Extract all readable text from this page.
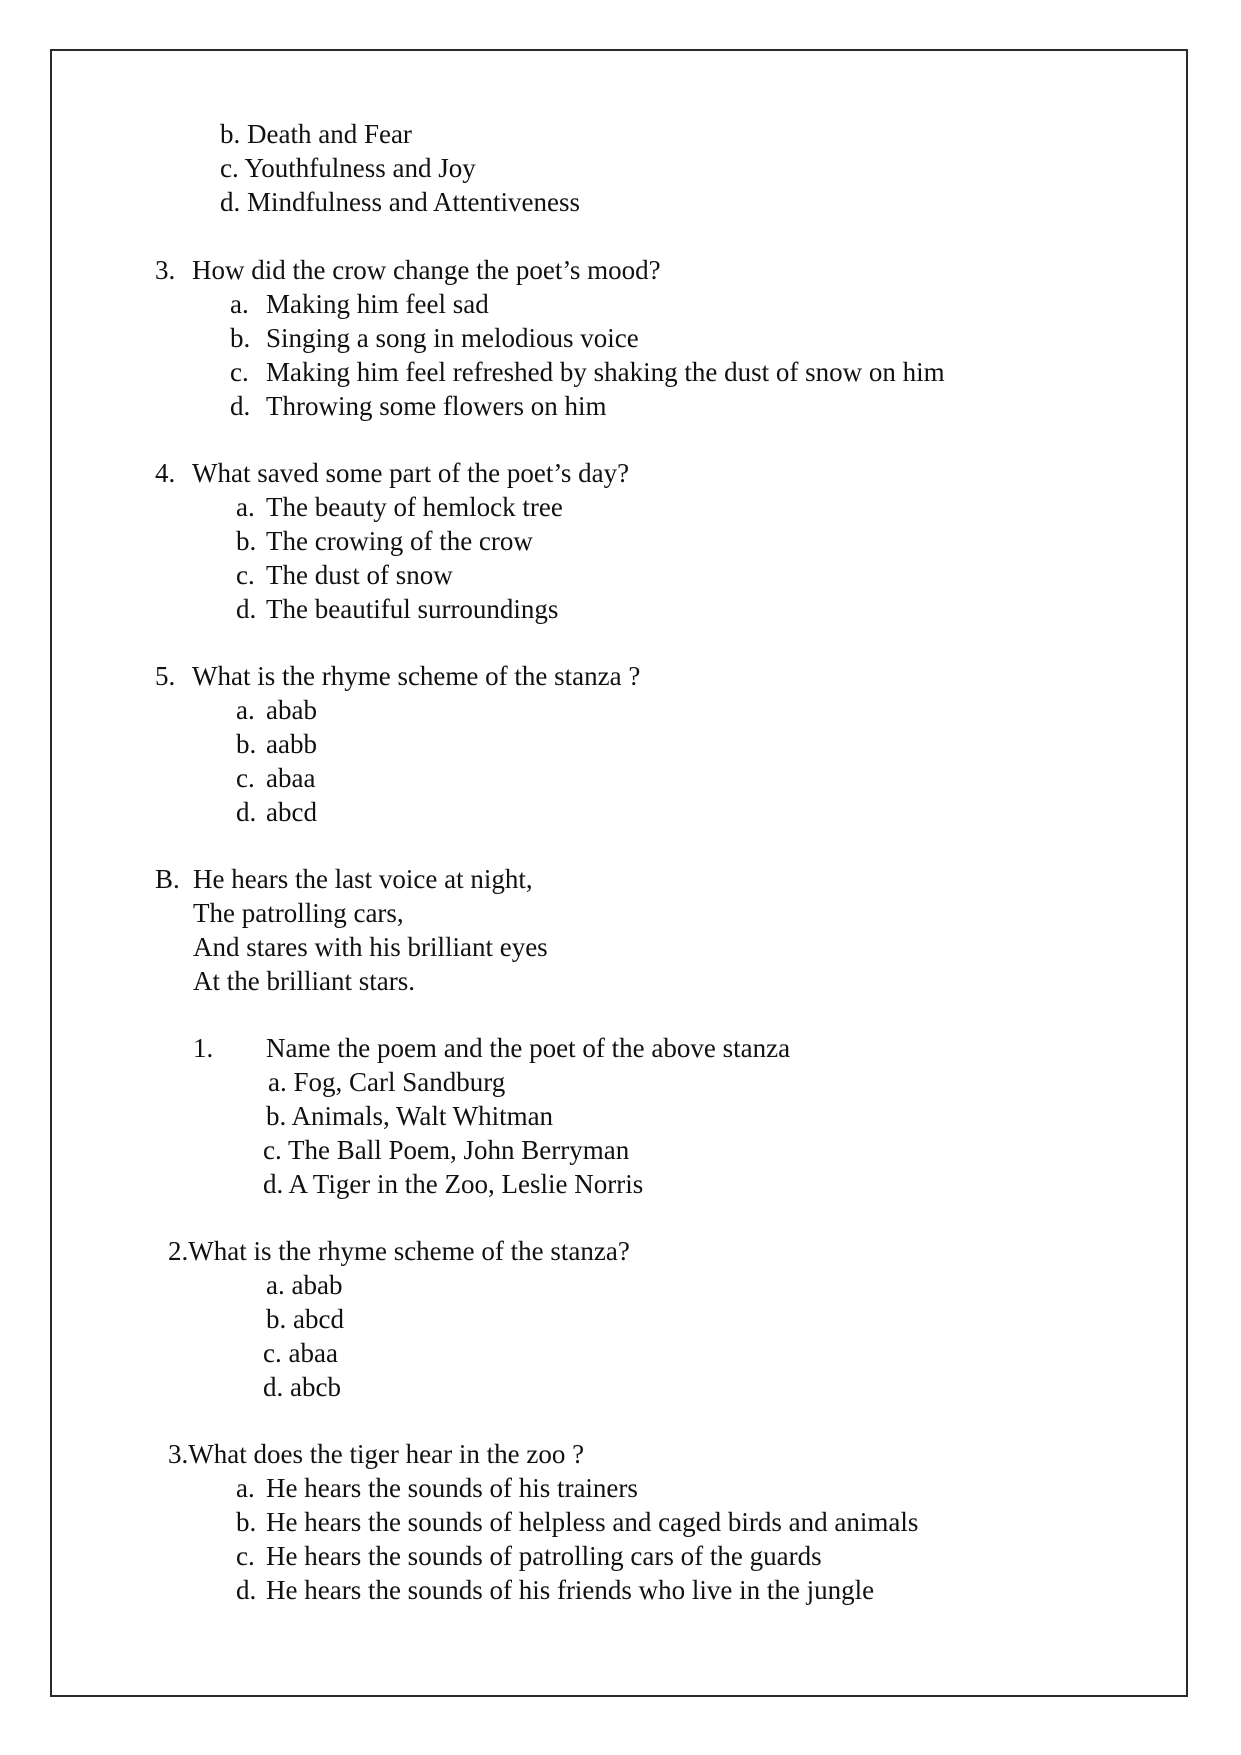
b. Death and Fear
c. Youthfulness and Joy
d. Mindfulness and Attentiveness
3. How did the crow change the poet’s mood?
a. Making him feel sad
b. Singing a song in melodious voice
c. Making him feel refreshed by shaking the dust of snow on him
d. Throwing some flowers on him
4. What saved some part of the poet’s day?
a. The beauty of hemlock tree
b. The crowing of the crow
c. The dust of snow
d. The beautiful surroundings
5. What is the rhyme scheme of the stanza ?
a. abab
b. aabb
c. abaa
d. abcd
B. He hears the last voice at night,
The patrolling cars,
And stares with his brilliant eyes
At the brilliant stars.
1. Name the poem and the poet of the above stanza
a. Fog, Carl Sandburg
b. Animals, Walt Whitman
c. The Ball Poem, John Berryman
d. A Tiger in the Zoo, Leslie Norris
2.What is the rhyme scheme of the stanza?
a. abab
b. abcd
c. abaa
d. abcb
3.What does the tiger hear in the zoo ?
a. He hears the sounds of his trainers
b. He hears the sounds of helpless and caged birds and animals
c. He hears the sounds of patrolling cars of the guards
d. He hears the sounds of his friends who live in the jungle
